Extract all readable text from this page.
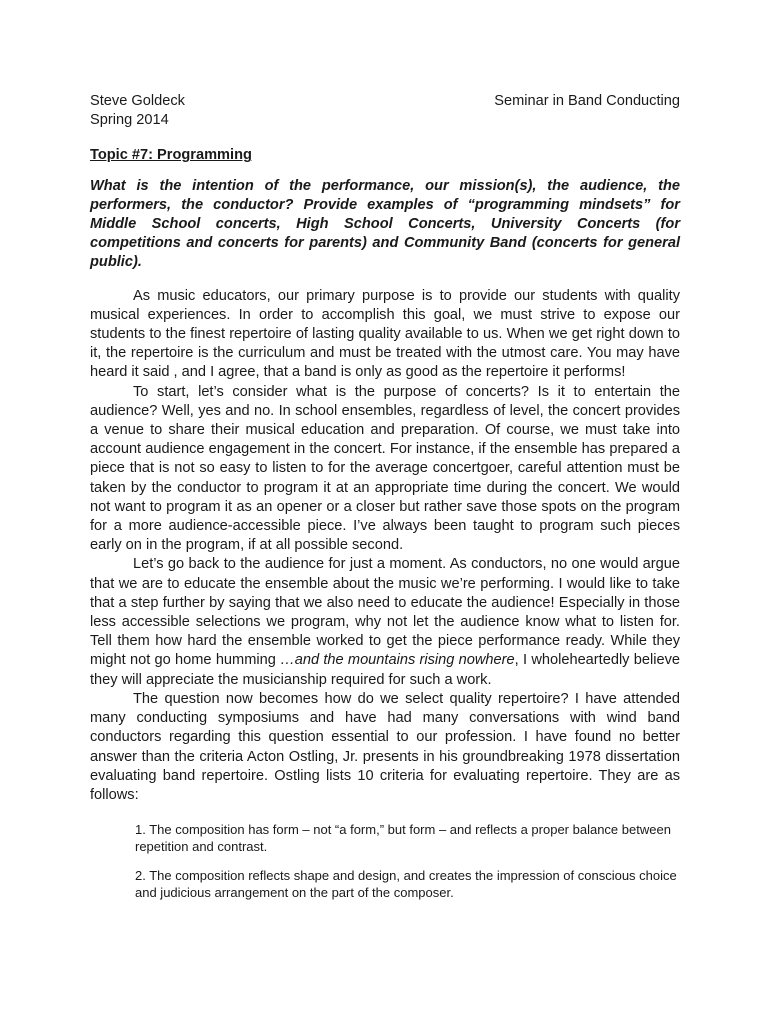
Steve Goldeck	Seminar in Band Conducting
Spring 2014
Topic #7: Programming
What is the intention of the performance, our mission(s), the audience, the performers, the conductor? Provide examples of “programming mindsets” for Middle School concerts, High School Concerts, University Concerts (for competitions and concerts for parents) and Community Band (concerts for general public).

As music educators, our primary purpose is to provide our students with quality musical experiences. In order to accomplish this goal, we must strive to expose our students to the finest repertoire of lasting quality available to us. When we get right down to it, the repertoire is the curriculum and must be treated with the utmost care. You may have heard it said , and I agree, that a band is only as good as the repertoire it performs!

To start, let’s consider what is the purpose of concerts? Is it to entertain the audience? Well, yes and no. In school ensembles, regardless of level, the concert provides a venue to share their musical education and preparation. Of course, we must take into account audience engagement in the concert. For instance, if the ensemble has prepared a piece that is not so easy to listen to for the average concertgoer, careful attention must be taken by the conductor to program it at an appropriate time during the concert. We would not want to program it as an opener or a closer but rather save those spots on the program for a more audience-accessible piece. I’ve always been taught to program such pieces early on in the program, if at all possible second.

Let’s go back to the audience for just a moment. As conductors, no one would argue that we are to educate the ensemble about the music we’re performing. I would like to take that a step further by saying that we also need to educate the audience! Especially in those less accessible selections we program, why not let the audience know what to listen for. Tell them how hard the ensemble worked to get the piece performance ready. While they might not go home humming …and the mountains rising nowhere, I wholeheartedly believe they will appreciate the musicianship required for such a work.

The question now becomes how do we select quality repertoire? I have attended many conducting symposiums and have had many conversations with wind band conductors regarding this question essential to our profession. I have found no better answer than the criteria Acton Ostling, Jr. presents in his groundbreaking 1978 dissertation evaluating band repertoire. Ostling lists 10 criteria for evaluating repertoire. They are as follows:

1. The composition has form – not “a form,” but form – and reflects a proper balance between repetition and contrast.
2. The composition reflects shape and design, and creates the impression of conscious choice and judicious arrangement on the part of the composer.
